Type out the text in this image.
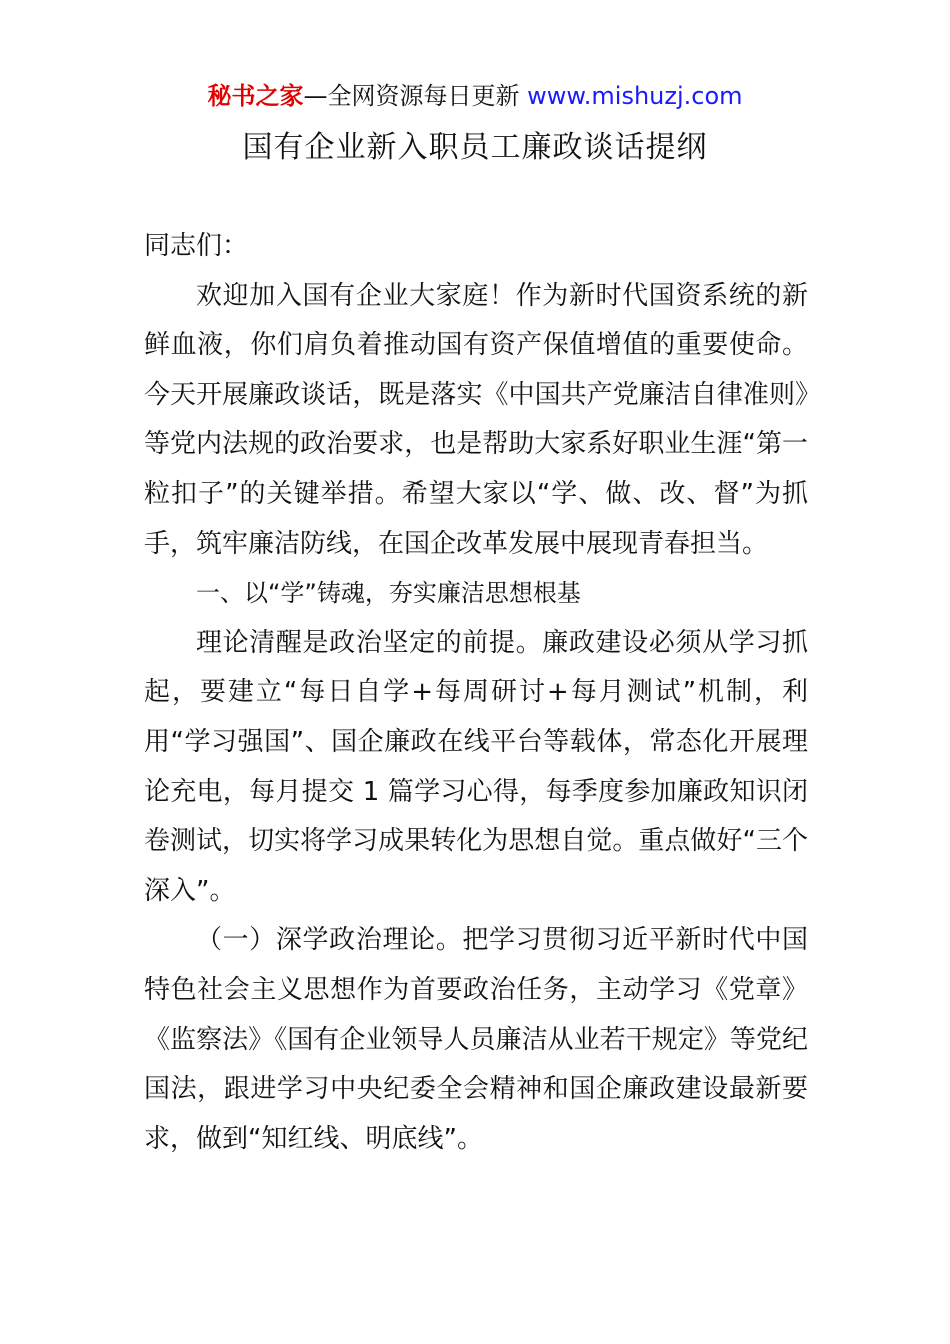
秘书之家—全网资源每日更新 www.mishuzj.com
国有企业新入职员工廉政谈话提纲

同志们：

欢迎加入国有企业大家庭！作为新时代国资系统的新鲜血液，你们肩负着推动国有资产保值增值的重要使命。今天开展廉政谈话，既是落实《中国共产党廉洁自律准则》等党内法规的政治要求，也是帮助大家系好职业生涯“第一粒扣子”的关键举措。希望大家以“学、做、改、督”为抓手，筑牢廉洁防线，在国企改革发展中展现青春担当。

一、以“学”铸魂，夯实廉洁思想根基

理论清醒是政治坚定的前提。廉政建设必须从学习抓起，要建立“每日自学+每周研讨+每月测试”机制，利用“学习强国”、国企廉政在线平台等载体，常态化开展理论充电，每月提交 1 篇学习心得，每季度参加廉政知识闭卷测试，切实将学习成果转化为思想自觉。重点做好“三个深入”。

（一）深学政治理论。把学习贯彻习近平新时代中国特色社会主义思想作为首要政治任务，主动学习《党章》《监察法》《国有企业领导人员廉洁从业若干规定》等党纪国法，跟进学习中央纪委全会精神和国企廉政建设最新要求，做到“知红线、明底线”。
